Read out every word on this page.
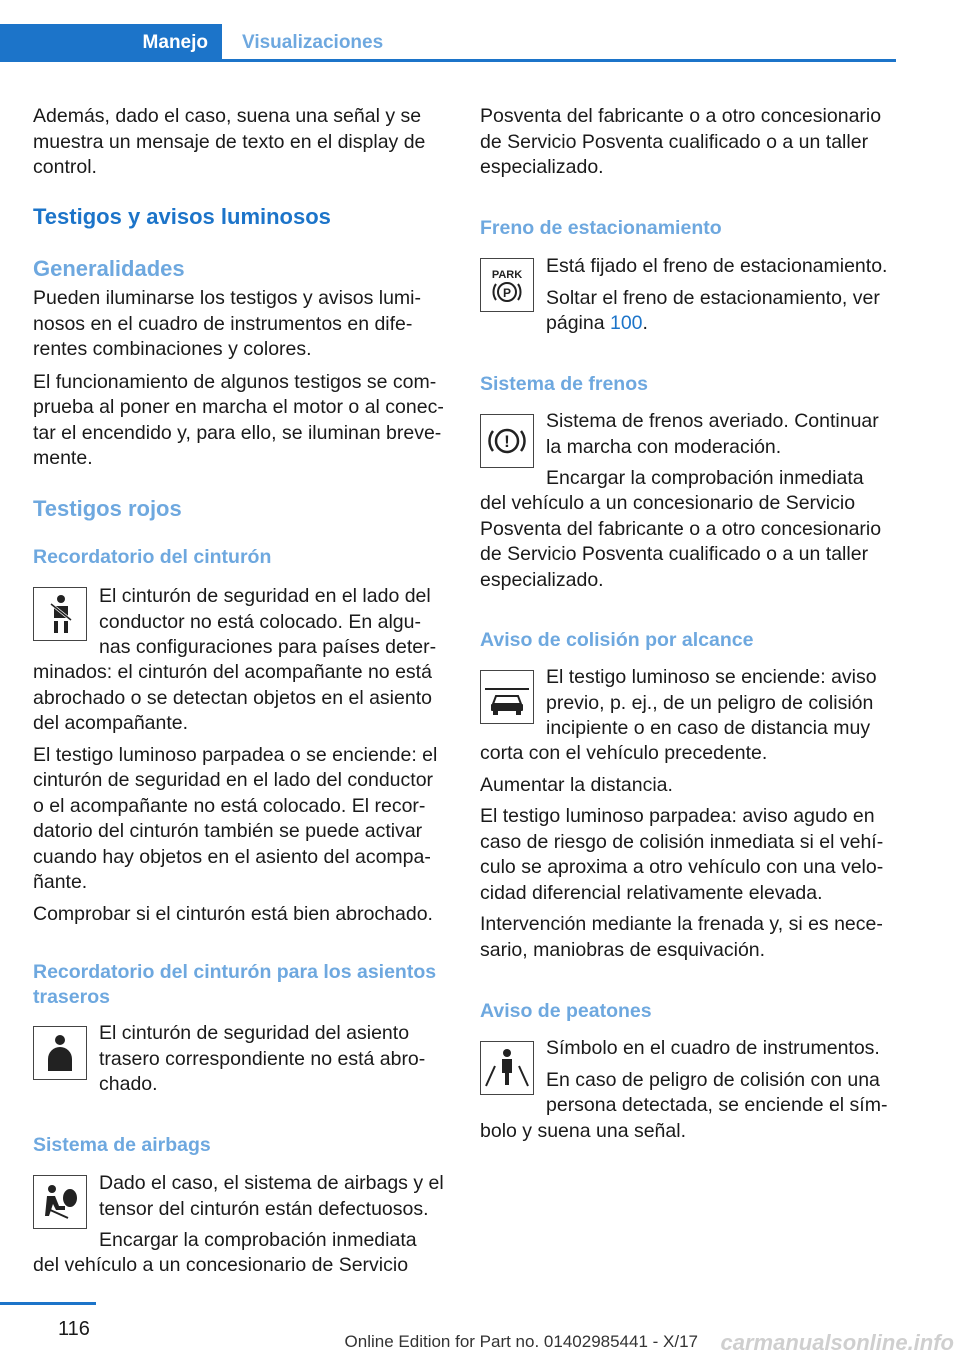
Manejo Visualizaciones

Además, dado el caso, suena una señal y se muestra un mensaje de texto en el display de control.

Testigos y avisos luminosos
Generalidades

Pueden iluminarse los testigos y avisos lumi-
nosos en el cuadro de instrumentos en dife-
rentes combinaciones y colores.

El funcionamiento de algunos testigos se com-
prueba al poner en marcha el motor o al conec-
tar el encendido y, para ello, se iluminan breve-
mente.

Testigos rojos
Recordatorio del cinturón

El cinturón de seguridad en el lado del
conductor no está colocado. En algu-
nas configuraciones para países deter-

minados: el cinturón del acompañante no está
abrochado o se detectan objetos en el asiento
del acompañante.

El testigo luminoso parpadea o se enciende: el
cinturón de seguridad en el lado del conductor
o el acompañante no está colocado. El recor-
datorio del cinturón también se puede activar
cuando hay objetos en el asiento del acompa-
ñante.

Comprobar si el cinturón está bien abrochado.

Recordatorio del cinturón para los asientos
traseros

El cinturón de seguridad del asiento
trasero correspondiente no está abro-
chado.

Sistema de airbags

Dado el caso, el sistema de airbags y el
tensor del cinturón están defectuosos.

Encargar la comprobación inmediata

del vehículo a un concesionario de Servicio

Posventa del fabricante o a otro concesionario
de Servicio Posventa cualificado o a un taller
especializado.

Freno de estacionamiento
PARK
P

Está fijado el freno de estacionamiento.

Soltar el freno de estacionamiento, ver

página 100.

Sistema de frenos
!

Sistema de frenos averiado. Continuar
la marcha con moderación.

Encargar la comprobación inmediata

del vehículo a un concesionario de Servicio
Posventa del fabricante o a otro concesionario
de Servicio Posventa cualificado o a un taller
especializado.

Aviso de colisión por alcance

El testigo luminoso se enciende: aviso
previo, p. ej., de un peligro de colisión
incipiente o en caso de distancia muy

corta con el vehículo precedente.

Aumentar la distancia.

El testigo luminoso parpadea: aviso agudo en
caso de riesgo de colisión inmediata si el vehí-
culo se aproxima a otro vehículo con una velo-
cidad diferencial relativamente elevada.

Intervención mediante la frenada y, si es nece-
sario, maniobras de esquivación.

Aviso de peatones

Símbolo en el cuadro de instrumentos.

En caso de peligro de colisión con una
persona detectada, se enciende el sím-

bolo y suena una señal.

116
Online Edition for Part no. 01402985441 - X/17 carmanualsonline.info
